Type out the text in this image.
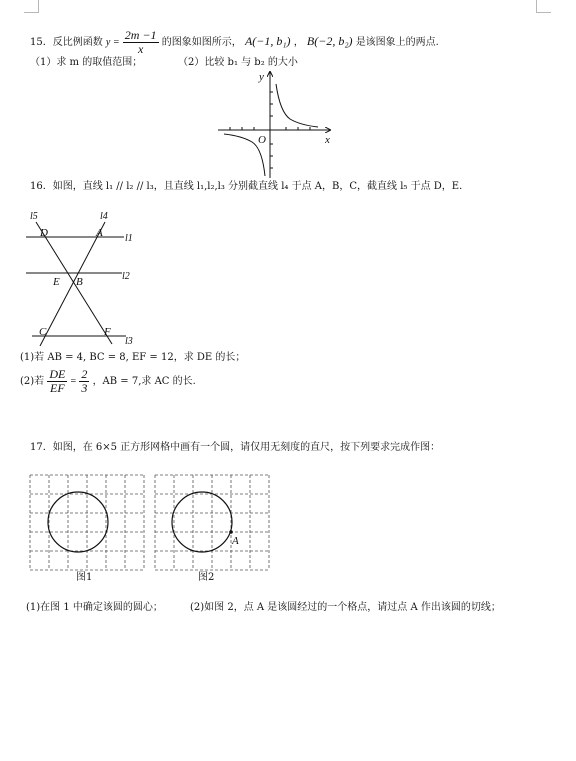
15．反比例函数 $y = \frac{2m -1}{x}$ 的图象如图所示， A(−1, b₁) ， B(−2, b₂) 是该图象上的两点.
（1）求 m 的取值范围；	（2）比较 b₁ 与 b₂ 的大小
y
O	x
16．如图，直线 l₁ // l₂ // l₃，且直线 l₁,l₂,l₃ 分别截直线 l₄ 于点 A，B，C，截直线 l₅ 于点 D，E．
l5	l4
l1
l2
l3
D	A
E B
C	F
(1)若 AB = 4, BC = 8, EF = 12，求 DE 的长；
(2)若 $\frac{DE}{EF} = \frac{2}{3}$ ，AB = 7,求 AC 的长.
17．如图，在 6×5 正方形网格中画有一个圆，请仅用无刻度的直尺，按下列要求完成作图：
A
图1	图2
(1)在图 1 中确定该圆的圆心；	(2)如图 2，点 A 是该圆经过的一个格点，请过点 A 作出该圆的切线；
